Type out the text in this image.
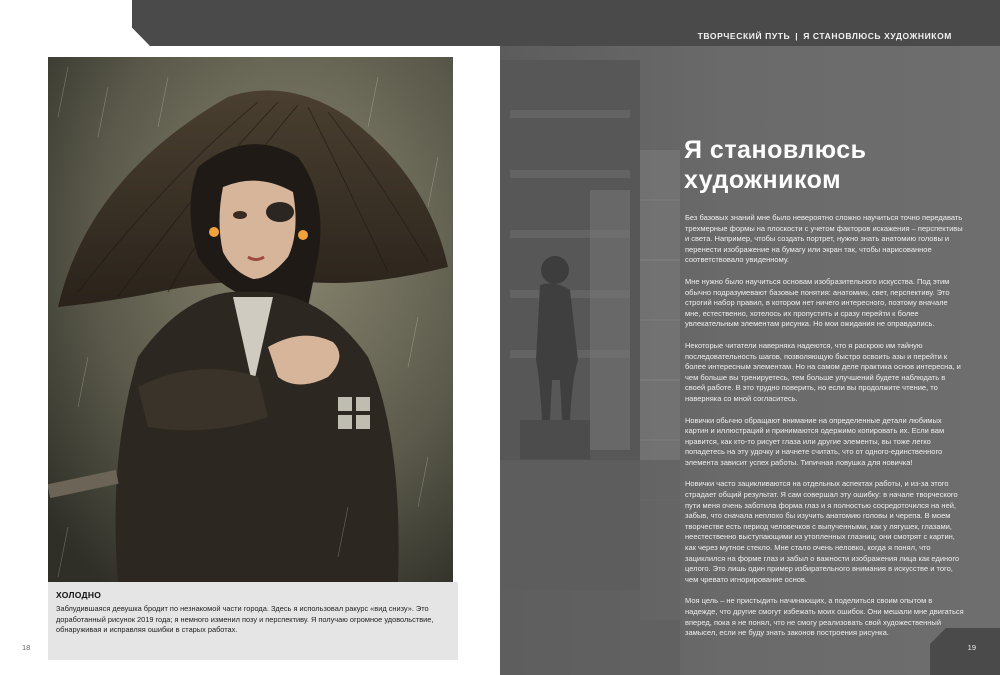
Я становлюсь
художником

Без базовых знаний мне было невероятно сложно научиться точно передавать трехмерные формы на плоскости с учетом факторов искажения – перспективы и света. Например, чтобы создать портрет, нужно знать анатомию головы и перенести изображение на бумагу или экран так, чтобы нарисованное соответствовало увиденному.

Мне нужно было научиться основам изобразительного искусства. Под этим обычно подразумевают базовые понятия: анатомию, свет, перспективу. Это строгий набор правил, в котором нет ничего интересного, поэтому вначале мне, естественно, хотелось их пропустить и сразу перейти к более увлекательным элементам рисунка. Но мои ожидания не оправдались.

Некоторые читатели наверняка надеются, что я раскрою им тайную последовательность шагов, позволяющую быстро освоить азы и перейти к более интересным элементам. Но на самом деле практика основ интересна, и чем больше вы тренируетесь, тем больше улучшений будете наблюдать в своей работе. В это трудно поверить, но если вы продолжите чтение, то наверняка со мной согласитесь.

Новички обычно обращают внимание на определенные детали любимых картин и иллюстраций и принимаются одержимо копировать их. Если вам нравится, как кто-то рисует глаза или другие элементы, вы тоже легко попадетесь на эту удочку и начнете считать, что от одного-единственного элемента зависит успех работы. Типичная ловушка для новичка!

Новички часто зацикливаются на отдельных аспектах работы, и из-за этого страдает общий результат. Я сам совершал эту ошибку: в начале творческого пути меня очень заботила форма глаз и я полностью сосредоточился на ней, забыв, что сначала неплохо бы изучить анатомию головы и черепа. В моем творчестве есть период человечков с выпученными, как у лягушек, глазами, неестественно выступающими из утопленных глазниц; они смотрят с картин, как через мутное стекло. Мне стало очень неловко, когда я понял, что зациклился на форме глаз и забыл о важности изображения лица как единого целого. Это лишь один пример избирательного внимания в искусстве и того, чем чревато игнорирование основ.

Моя цель – не пристыдить начинающих, а поделиться своим опытом в надежде, что другие смогут избежать моих ошибок. Они мешали мне двигаться вперед, пока я не понял, что не смогу реализовать свой художественный замысел, если не буду знать законов построения рисунка.

19
ТВОРЧЕСКИЙ ПУТЬ | Я СТАНОВЛЮСЬ ХУДОЖНИКОМ
ХОЛОДНО
Заблудившаяся девушка бродит по незнакомой части города. Здесь я использовал ракурс «вид снизу». Это доработанный рисунок 2019 года; я немного изменил позу и перспективу. Я получаю огромное удовольствие, обнаруживая и исправляя ошибки в старых работах.
18
